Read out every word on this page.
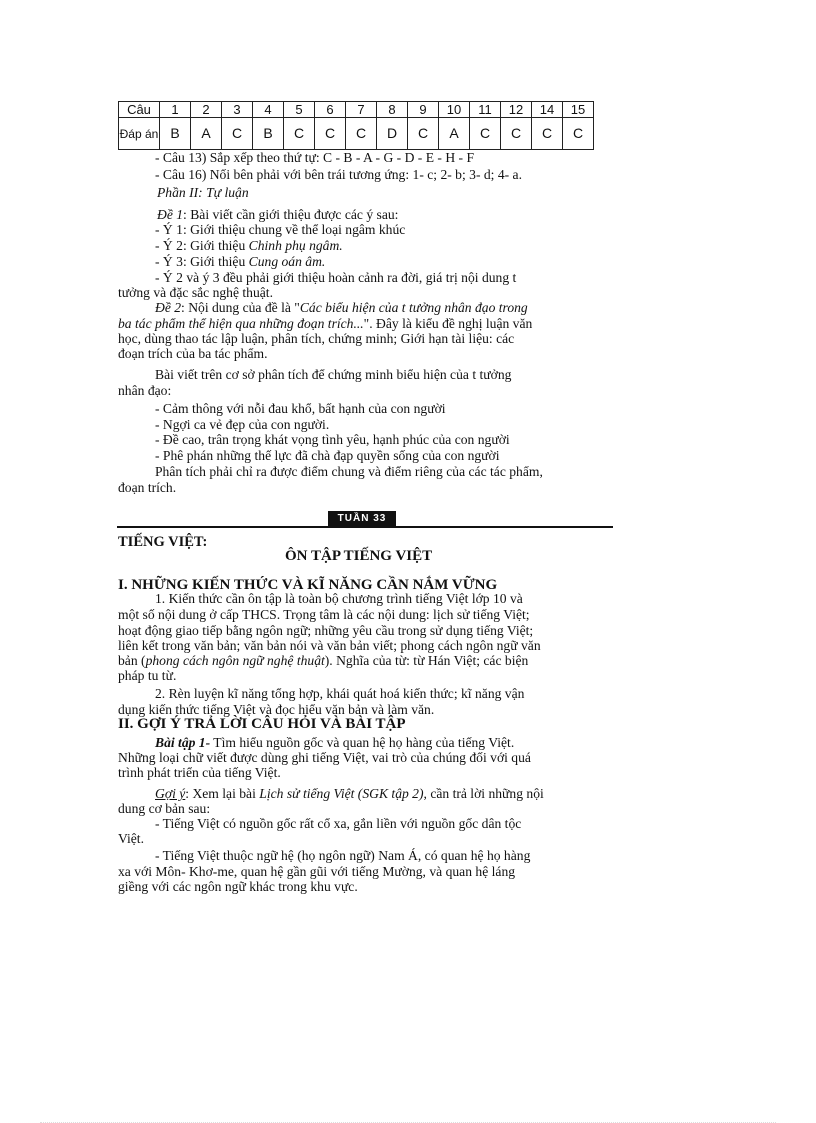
Câu	1	2	3	4	5	6	7	8	9	10	11	12	14	15
Đáp án	B	A	C	B	C	C	C	D	C	A	C	C	C	C
- Câu 13) Sắp xếp theo thứ tự: C - B - A - G - D - E - H - F
- Câu 16) Nối bên phải với bên trái tương ứng: 1- c; 2- b; 3- d; 4- a.
Phần II: Tự luận
Đề 1: Bài viết cần giới thiệu được các ý sau:
- Ý 1: Giới thiệu chung về thể loại ngâm khúc
- Ý 2: Giới thiệu Chinh phụ ngâm.
- Ý 3: Giới thiệu Cung oán âm.
- Ý 2 và ý 3 đều phải giới thiệu hoàn cảnh ra đời, giá trị nội dung t
tưởng và đặc sắc nghệ thuật.
Đề 2: Nội dung của đề là "Các biểu hiện của t tưởng nhân đạo trong
ba tác phẩm thể hiện qua những đoạn trích...". Đây là kiểu đề nghị luận văn
học, dùng thao tác lập luận, phân tích, chứng minh; Giới hạn tài liệu: các
đoạn trích của ba tác phẩm.
Bài viết trên cơ sở phân tích để chứng minh biểu hiện của t tưởng
nhân đạo:
- Cảm thông với nỗi đau khổ, bất hạnh của con người
- Ngợi ca vẻ đẹp của con người.
- Đề cao, trân trọng khát vọng tình yêu, hạnh phúc của con người
- Phê phán những thế lực đã chà đạp quyền sống của con người
Phân tích phải chỉ ra được điểm chung và điểm riêng của các tác phẩm,
đoạn trích.
TUẦN 33
TIẾNG VIỆT:
ÔN TẬP TIẾNG VIỆT
I. NHỮNG KIẾN THỨC VÀ KĨ NĂNG CẦN NẮM VỮNG
1. Kiến thức cần ôn tập là toàn bộ chương trình tiếng Việt lớp 10 và
một số nội dung ở cấp THCS. Trọng tâm là các nội dung: lịch sử tiếng Việt;
hoạt động giao tiếp bằng ngôn ngữ; những yêu cầu trong sử dụng tiếng Việt;
liên kết trong văn bản; văn bản nói và văn bản viết; phong cách ngôn ngữ văn
bản (phong cách ngôn ngữ nghệ thuật). Nghĩa của từ: từ Hán Việt; các biện
pháp tu từ.
2. Rèn luyện kĩ năng tổng hợp, khái quát hoá kiến thức; kĩ năng vận
dụng kiến thức tiếng Việt và đọc hiểu văn bản và làm văn.
II. GỢI Ý TRẢ LỜI CÂU HỎI VÀ BÀI TẬP
Bài tập 1- Tìm hiểu nguồn gốc và quan hệ họ hàng của tiếng Việt.
Những loại chữ viết được dùng ghi tiếng Việt, vai trò của chúng đối với quá
trình phát triển của tiếng Việt.
Gợi ý: Xem lại bài Lịch sử tiếng Việt (SGK tập 2), cần trả lời những nội
dung cơ bản sau:
- Tiếng Việt có nguồn gốc rất cổ xa, gắn liền với nguồn gốc dân tộc
Việt.
- Tiếng Việt thuộc ngữ hệ (họ ngôn ngữ) Nam Á, có quan hệ họ hàng
xa với Môn- Khơ-me, quan hệ gần gũi với tiếng Mường, và quan hệ láng
giềng với các ngôn ngữ khác trong khu vực.
